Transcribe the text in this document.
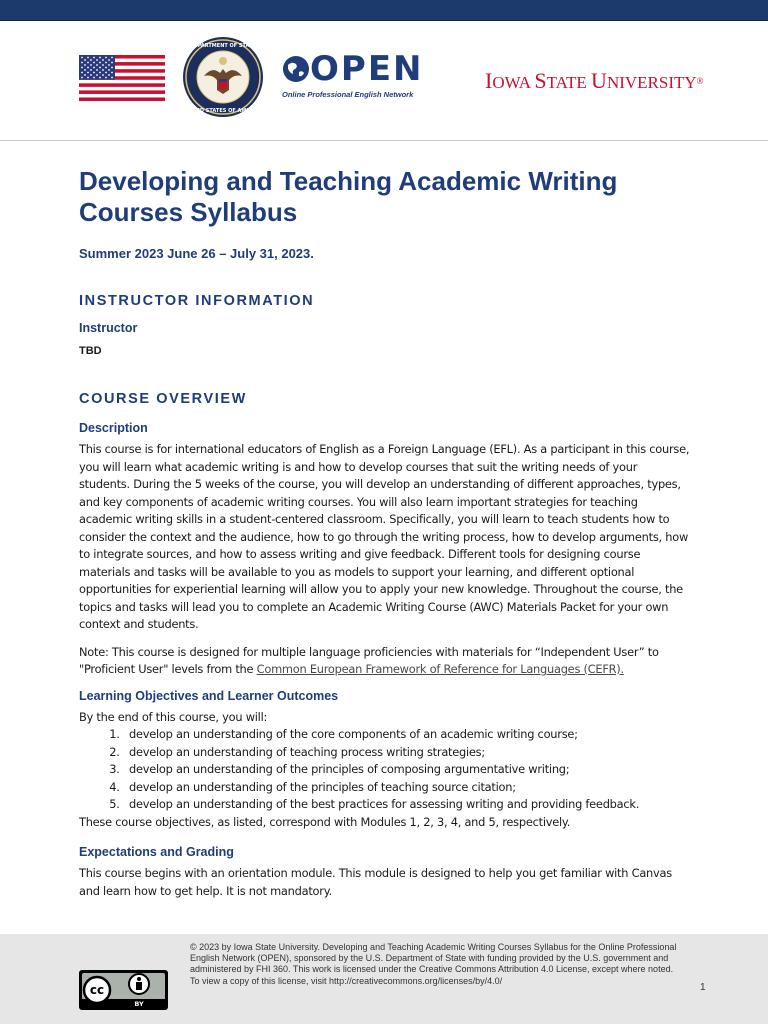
DEPARTMENT OF STATE
UNITED STATES OF AMERICA
OPEN
Online Professional English Network
IOWA STATE UNIVERSITY®
Developing and Teaching Academic Writing Courses Syllabus
Summer 2023 June 26 – July 31, 2023.
INSTRUCTOR INFORMATION
Instructor
TBD
COURSE OVERVIEW
Description
This course is for international educators of English as a Foreign Language (EFL). As a participant in this course, you will learn what academic writing is and how to develop courses that suit the writing needs of your students. During the 5 weeks of the course, you will develop an understanding of different approaches, types, and key components of academic writing courses. You will also learn important strategies for teaching academic writing skills in a student-centered classroom. Specifically, you will learn to teach students how to consider the context and the audience, how to go through the writing process, how to develop arguments, how to integrate sources, and how to assess writing and give feedback. Different tools for designing course materials and tasks will be available to you as models to support your learning, and different optional opportunities for experiential learning will allow you to apply your new knowledge. Throughout the course, the topics and tasks will lead you to complete an Academic Writing Course (AWC) Materials Packet for your own context and students.
Note: This course is designed for multiple language proficiencies with materials for “Independent User” to "Proficient User" levels from the Common European Framework of Reference for Languages (CEFR).
Learning Objectives and Learner Outcomes
By the end of this course, you will:
1. develop an understanding of the core components of an academic writing course;
2. develop an understanding of teaching process writing strategies;
3. develop an understanding of the principles of composing argumentative writing;
4. develop an understanding of the principles of teaching source citation;
5. develop an understanding of the best practices for assessing writing and providing feedback.
These course objectives, as listed, correspond with Modules 1, 2, 3, 4, and 5, respectively.
Expectations and Grading
This course begins with an orientation module. This module is designed to help you get familiar with Canvas and learn how to get help. It is not mandatory.
cc
BY
© 2023 by Iowa State University. Developing and Teaching Academic Writing Courses Syllabus for the Online Professional English Network (OPEN), sponsored by the U.S. Department of State with funding provided by the U.S. government and administered by FHI 360. This work is licensed under the Creative Commons Attribution 4.0 License, except where noted. To view a copy of this license, visit http://creativecommons.org/licenses/by/4.0/
1
